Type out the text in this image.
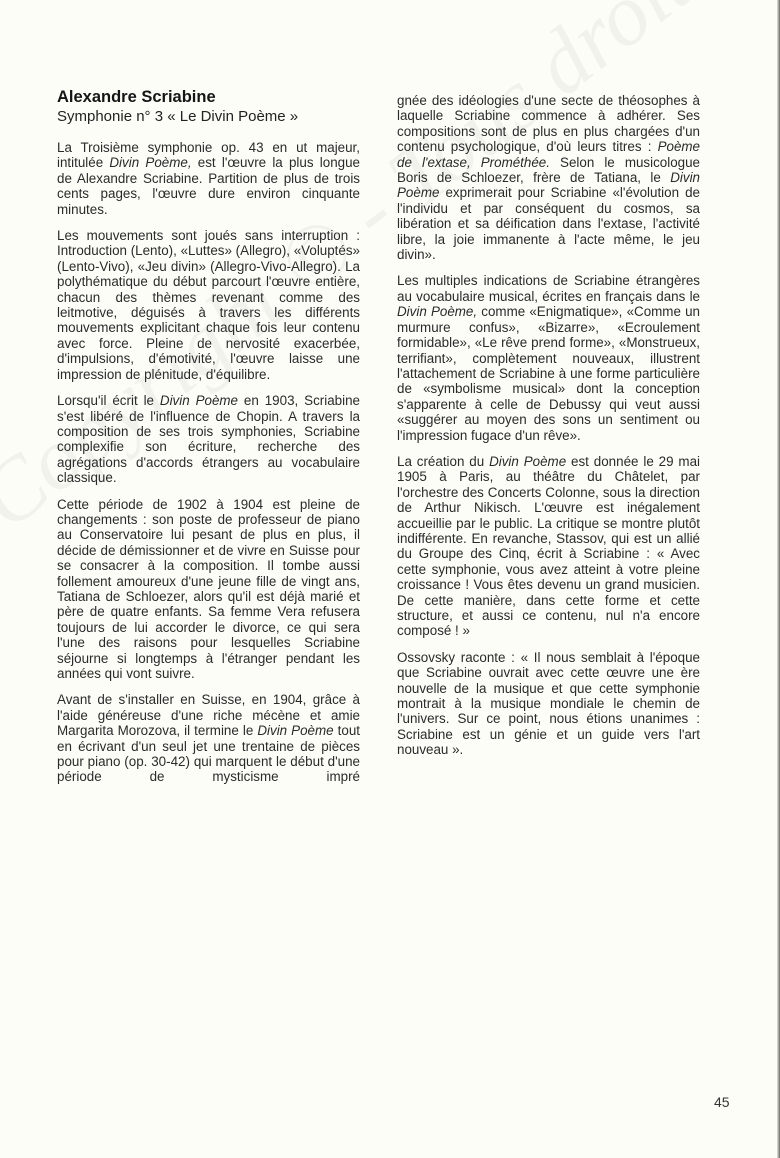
Alexandre Scriabine
Symphonie n° 3 « Le Divin Poème »

La Troisième symphonie op. 43 en ut majeur, intitulée Divin Poème, est l'œuvre la plus longue de Alexandre Scriabine. Partition de plus de trois cents pages, l'œuvre dure environ cinquante minutes.

Les mouvements sont joués sans interruption : Introduction (Lento), «Luttes» (Allegro), «Voluptés» (Lento-Vivo), «Jeu divin» (Allegro-Vivo-Allegro). La polythématique du début parcourt l'œuvre entière, chacun des thèmes revenant comme des leitmotive, déguisés à travers les différents mouvements explicitant chaque fois leur contenu avec force. Pleine de nervosité exacerbée, d'impulsions, d'émotivité, l'œuvre laisse une impression de plénitude, d'équilibre.

Lorsqu'il écrit le Divin Poème en 1903, Scriabine s'est libéré de l'influence de Chopin. A travers la composition de ses trois symphonies, Scriabine complexifie son écriture, recherche des agrégations d'accords étrangers au vocabulaire classique.

Cette période de 1902 à 1904 est pleine de changements : son poste de professeur de piano au Conservatoire lui pesant de plus en plus, il décide de démissionner et de vivre en Suisse pour se consacrer à la composition. Il tombe aussi follement amoureux d'une jeune fille de vingt ans, Tatiana de Schloezer, alors qu'il est déjà marié et père de quatre enfants. Sa femme Vera refusera toujours de lui accorder le divorce, ce qui sera l'une des raisons pour lesquelles Scriabine séjourne si longtemps à l'étranger pendant les années qui vont suivre.

Avant de s'installer en Suisse, en 1904, grâce à l'aide généreuse d'une riche mécène et amie Margarita Morozova, il termine le Divin Poème tout en écrivant d'un seul jet une trentaine de pièces pour piano (op. 30-42) qui marquent le début d'une période de mysticisme impré

gnée des idéologies d'une secte de théosophes à laquelle Scriabine commence à adhérer. Ses compositions sont de plus en plus chargées d'un contenu psychologique, d'où leurs titres : Poème de l'extase, Prométhée. Selon le musicologue Boris de Schloezer, frère de Tatiana, le Divin Poème exprimerait pour Scriabine «l'évolution de l'individu et par conséquent du cosmos, sa libération et sa déification dans l'extase, l'activité libre, la joie immanente à l'acte même, le jeu divin».

Les multiples indications de Scriabine étrangères au vocabulaire musical, écrites en français dans le Divin Poème, comme «Enigmatique», «Comme un murmure confus», «Bizarre», «Ecroulement formidable», «Le rêve prend forme», «Monstrueux, terrifiant», complètement nouveaux, illustrent l'attachement de Scriabine à une forme particulière de «symbolisme musical» dont la conception s'apparente à celle de Debussy qui veut aussi «suggérer au moyen des sons un sentiment ou l'impression fugace d'un rêve».

La création du Divin Poème est donnée le 29 mai 1905 à Paris, au théâtre du Châtelet, par l'orchestre des Concerts Colonne, sous la direction de Arthur Nikisch. L'œuvre est inégalement accueillie par le public. La critique se montre plutôt indifférente. En revanche, Stassov, qui est un allié du Groupe des Cinq, écrit à Scriabine : « Avec cette symphonie, vous avez atteint à votre pleine croissance ! Vous êtes devenu un grand musicien. De cette manière, dans cette forme et cette structure, et aussi ce contenu, nul n'a encore composé ! »

Ossovsky raconte : « Il nous semblait à l'époque que Scriabine ouvrait avec cette œuvre une ère nouvelle de la musique et que cette symphonie montrait à la musique mondiale le chemin de l'univers. Sur ce point, nous étions unanimes : Scriabine est un génie et un guide vers l'art nouveau ».

45
